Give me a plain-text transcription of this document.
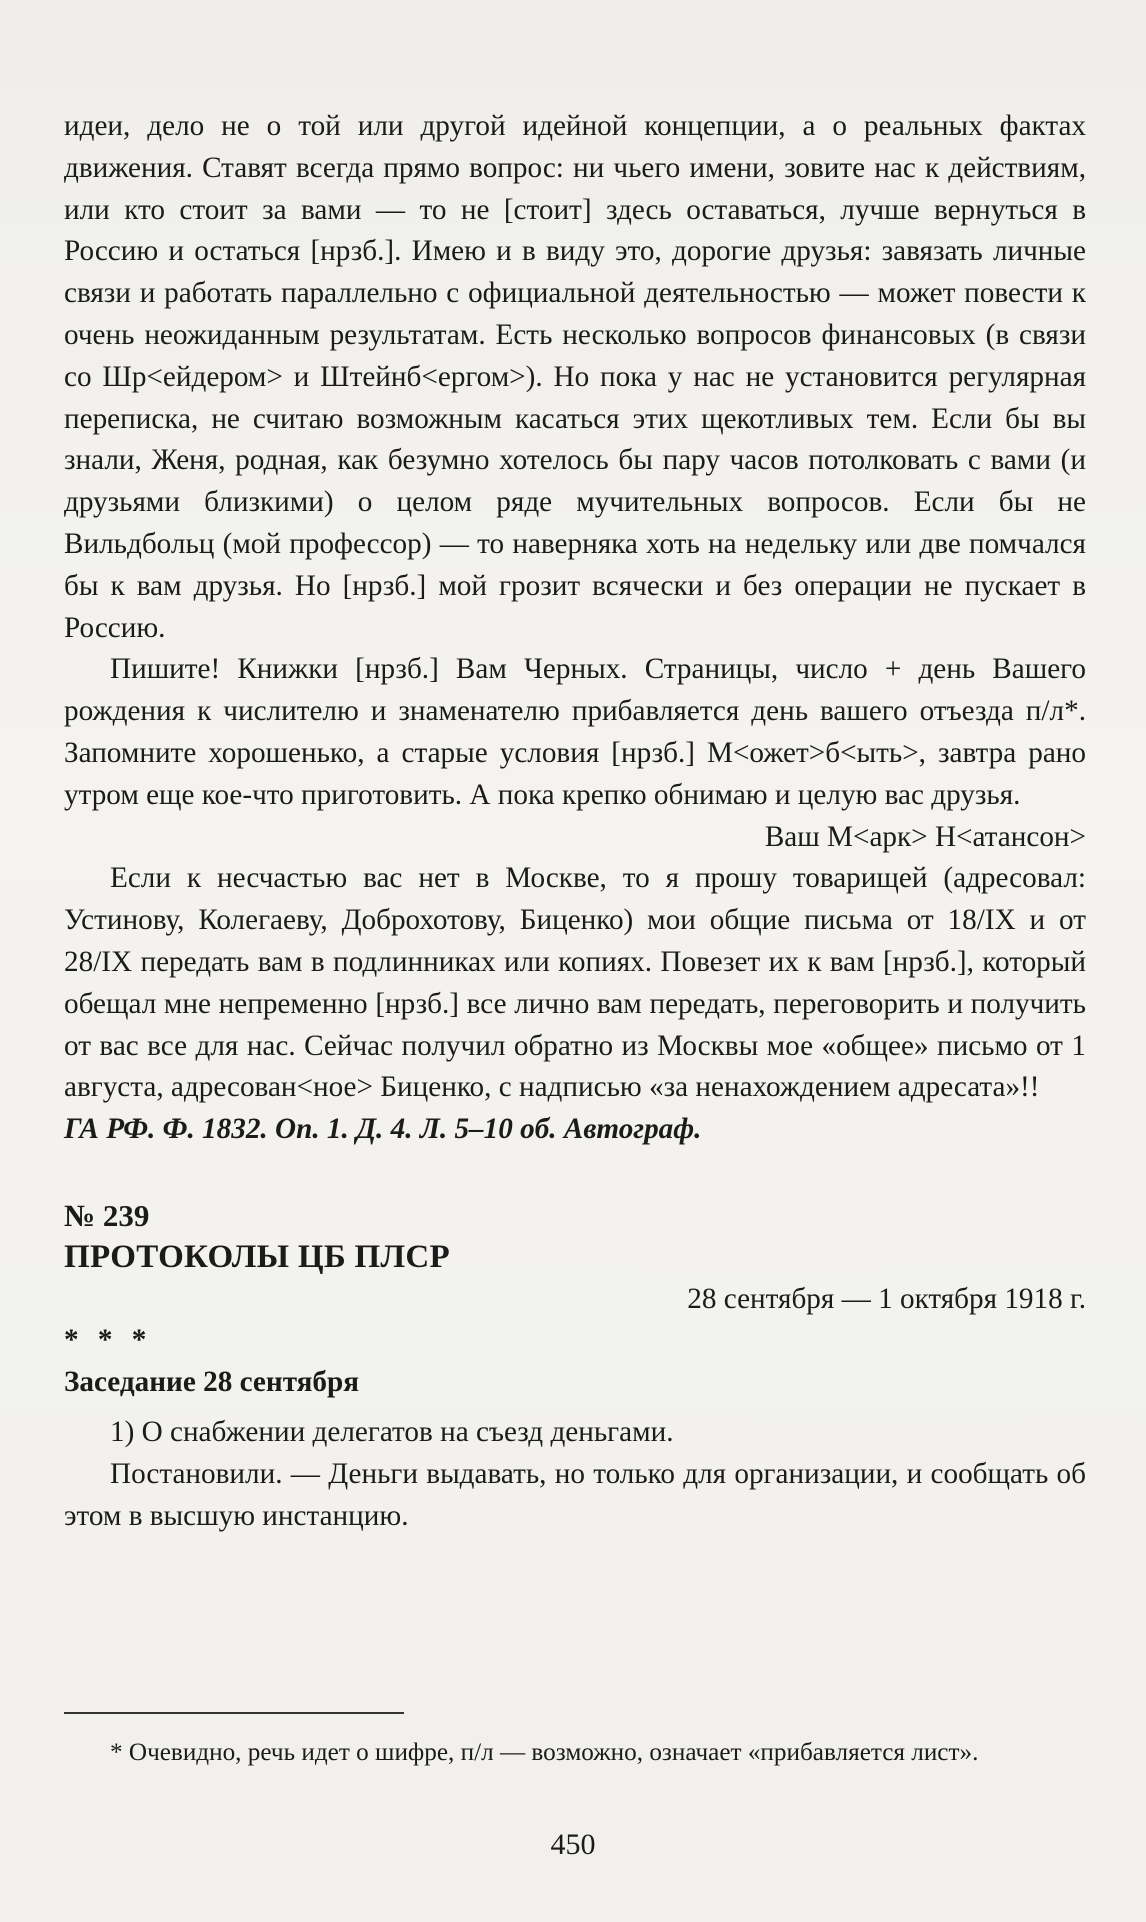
идеи, дело не о той или другой идейной концепции, а о реальных фактах движения. Ставят всегда прямо вопрос: ни чьего имени, зовите нас к действиям, или кто стоит за вами — то не [стоит] здесь оставаться, лучше вернуться в Россию и остаться [нрзб.]. Имею и в виду это, дорогие друзья: завязать личные связи и работать параллельно с официальной деятельностью — может повести к очень неожиданным результатам. Есть несколько вопросов финансовых (в связи со Шр<ейдером> и Штейнб<ергом>). Но пока у нас не установится регулярная переписка, не считаю возможным касаться этих щекотливых тем. Если бы вы знали, Женя, родная, как безумно хотелось бы пару часов потолковать с вами (и друзьями близкими) о целом ряде мучительных вопросов. Если бы не Вильдбольц (мой профессор) — то наверняка хоть на недельку или две помчался бы к вам друзья. Но [нрзб.] мой грозит всячески и без операции не пускает в Россию.

Пишите! Книжки [нрзб.] Вам Черных. Страницы, число + день Вашего рождения к числителю и знаменателю прибавляется день вашего отъезда п/л*. Запомните хорошенько, а старые условия [нрзб.] М<ожет>б<ыть>, завтра рано утром еще кое-что приготовить. А пока крепко обнимаю и целую вас друзья.

Ваш М<арк> Н<атансон>

Если к несчастью вас нет в Москве, то я прошу товарищей (адресовал: Устинову, Колегаеву, Доброхотову, Биценко) мои общие письма от 18/IX и от 28/IX передать вам в подлинниках или копиях. Повезет их к вам [нрзб.], который обещал мне непременно [нрзб.] все лично вам передать, переговорить и получить от вас все для нас. Сейчас получил обратно из Москвы мое «общее» письмо от 1 августа, адресован<ное> Биценко, с надписью «за ненахождением адресата»!!

ГА РФ. Ф. 1832. Оп. 1. Д. 4. Л. 5–10 об. Автограф.

№ 239

ПРОТОКОЛЫ ЦБ ПЛСР

28 сентября — 1 октября 1918 г.

* * *

Заседание 28 сентября

1) О снабжении делегатов на съезд деньгами.

Постановили. — Деньги выдавать, но только для организации, и сообщать об этом в высшую инстанцию.

* Очевидно, речь идет о шифре, п/л — возможно, означает «прибавляется лист».

450
